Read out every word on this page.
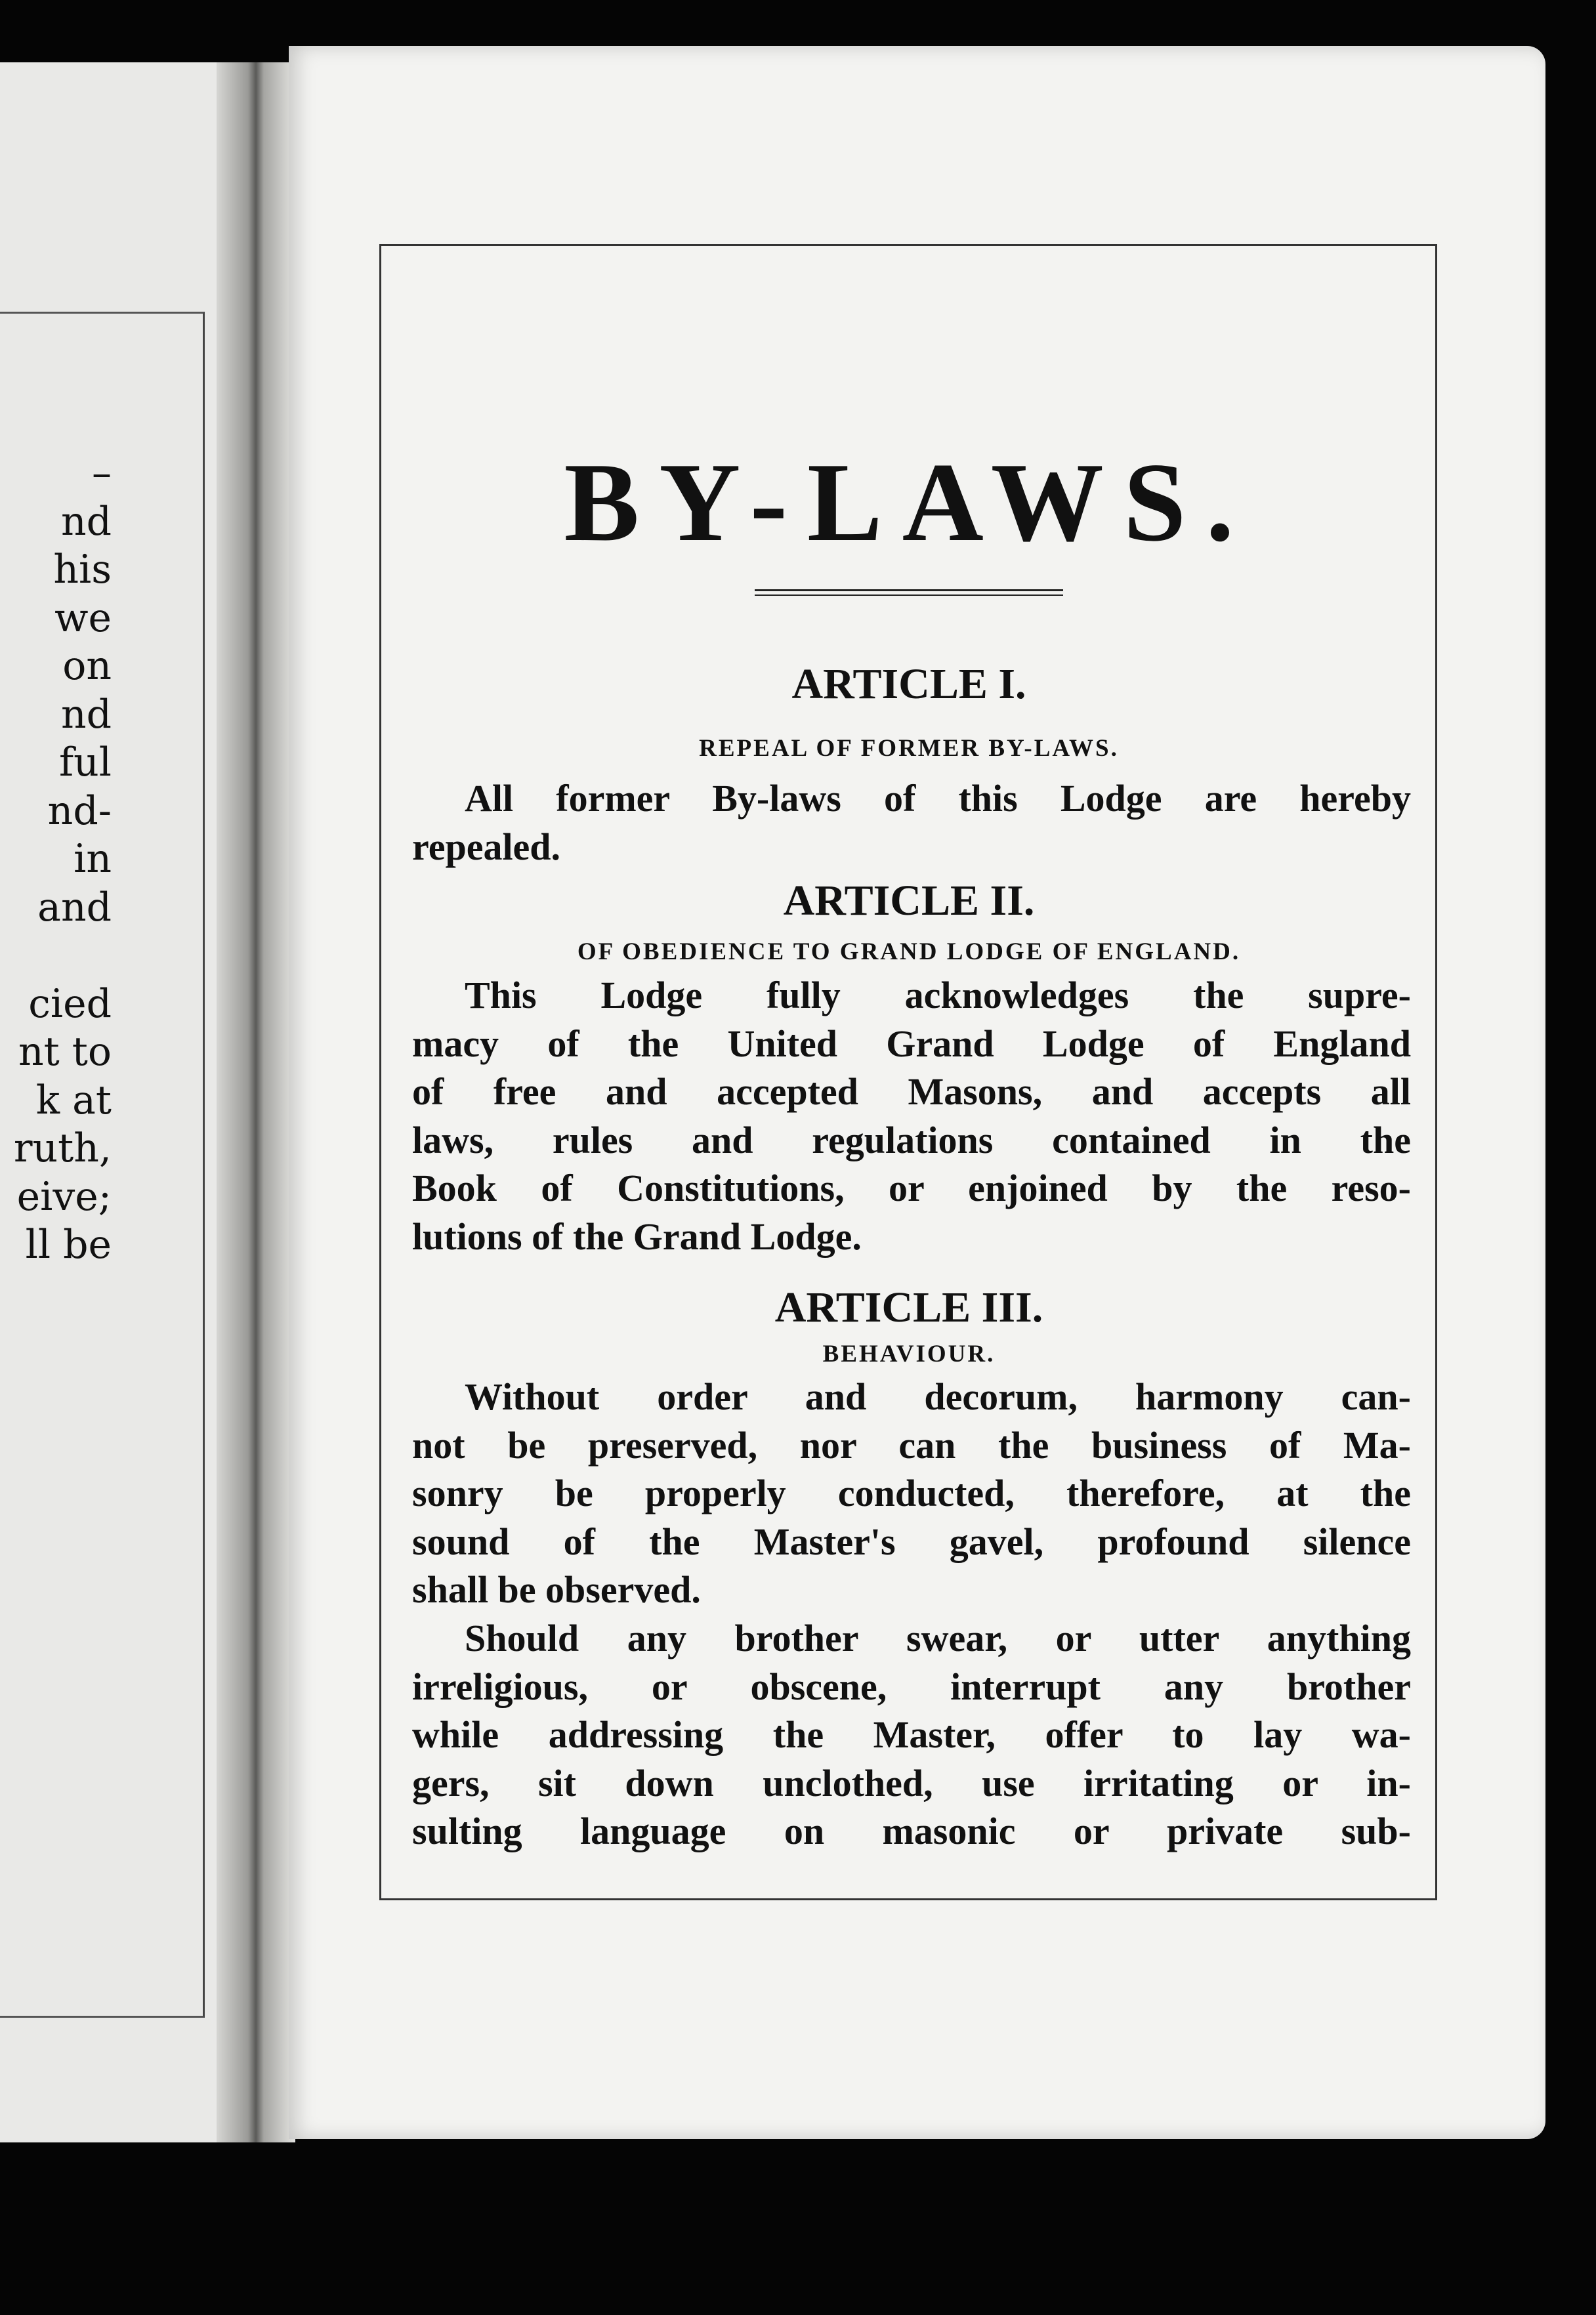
–
nd
his
we
on
nd
ful
nd-
in
and
cied
nt to
k at
ruth,
eive;
ll be
BY-LAWS.
ARTICLE I.
REPEAL OF FORMER BY-LAWS.
All former By-laws of this Lodge are hereby
repealed.
ARTICLE II.
OF OBEDIENCE TO GRAND LODGE OF ENGLAND.
This Lodge fully acknowledges the supre-
macy of the United Grand Lodge of England
of free and accepted Masons, and accepts all
laws, rules and regulations contained in the
Book of Constitutions, or enjoined by the reso-
lutions of the Grand Lodge.
ARTICLE III.
BEHAVIOUR.
Without order and decorum, harmony can-
not be preserved, nor can the business of Ma-
sonry be properly conducted, therefore, at the
sound of the Master's gavel, profound silence
shall be observed.
Should any brother swear, or utter anything
irreligious, or obscene, interrupt any brother
while addressing the Master, offer to lay wa-
gers, sit down unclothed, use irritating or in-
sulting language on masonic or private sub-
